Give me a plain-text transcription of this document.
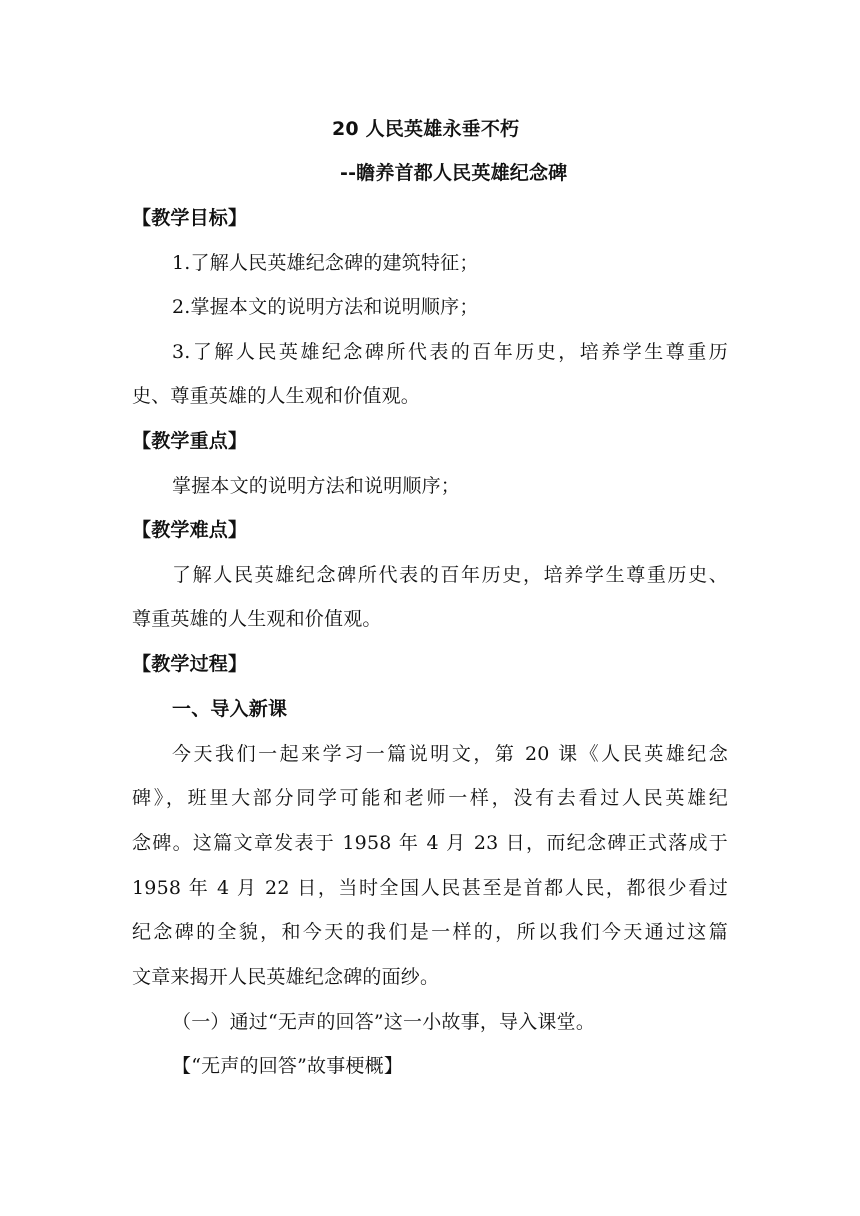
20 人民英雄永垂不朽
--瞻养首都人民英雄纪念碑
【教学目标】
1.了解人民英雄纪念碑的建筑特征；
2.掌握本文的说明方法和说明顺序；
3.了解人民英雄纪念碑所代表的百年历史，培养学生尊重历
史、尊重英雄的人生观和价值观。
【教学重点】
掌握本文的说明方法和说明顺序；
【教学难点】
了解人民英雄纪念碑所代表的百年历史，培养学生尊重历史、
尊重英雄的人生观和价值观。
【教学过程】
一、导入新课
今天我们一起来学习一篇说明文，第 20 课《人民英雄纪念
碑》，班里大部分同学可能和老师一样，没有去看过人民英雄纪
念碑。这篇文章发表于 1958 年 4 月 23 日，而纪念碑正式落成于
1958 年 4 月 22 日，当时全国人民甚至是首都人民，都很少看过
纪念碑的全貌，和今天的我们是一样的，所以我们今天通过这篇
文章来揭开人民英雄纪念碑的面纱。
（一）通过“无声的回答”这一小故事，导入课堂。
【“无声的回答”故事梗概】
